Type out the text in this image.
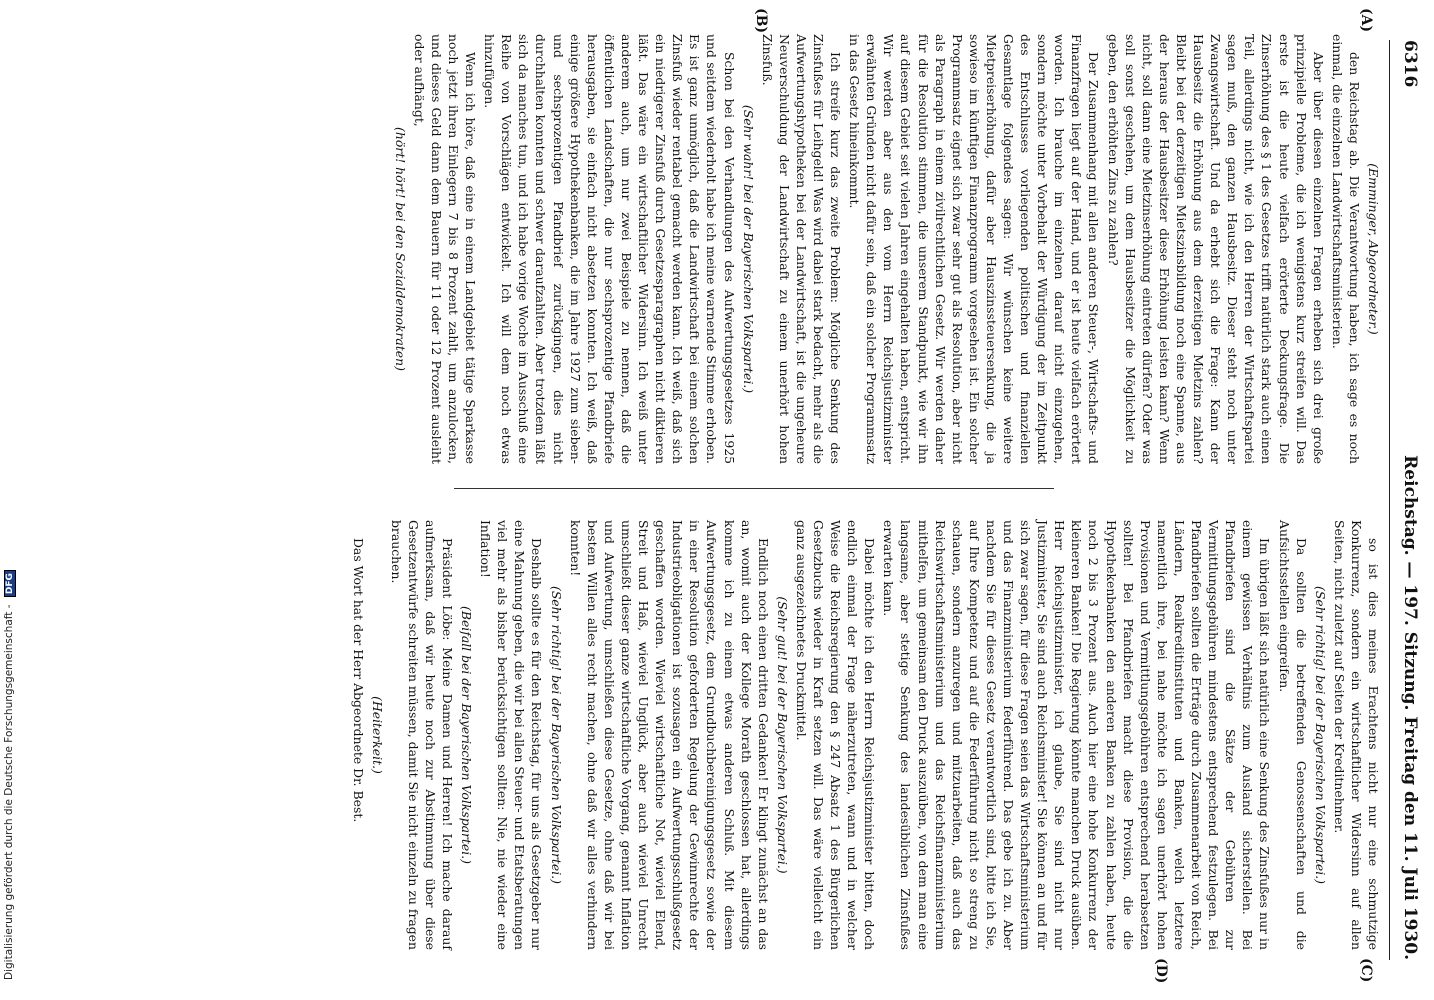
6316
Reichstag. — 197. Sitzung. Freitag den 11. Juli 1930.
(A)
(B)
(C)
(D)

(Emminger, Abgeordneter.)

den Reichstag ab. Die Verantwortung haben, ich sage es noch einmal, die einzelnen Landwirtschaftsministerien.

Aber über diesen einzelnen Fragen erheben sich drei große prinzipielle Probleme, die ich wenigstens kurz streifen will. Das erste ist die heute vielfach erörterte Deckungsfrage. Die Zinserhöhung des § 1 des Gesetzes trifft natürlich stark auch einen Teil, allerdings nicht, wie ich den Herren der Wirtschaftspartei sagen muß, den ganzen Hausbesitz. Dieser steht noch unter Zwangswirtschaft. Und da erhebt sich die Frage: Kann der Hausbesitz die Erhöhung aus dem derzeitigen Mietzins zahlen? Bleibt bei der derzeitigen Mietszinsbildung noch eine Spanne, aus der heraus der Hausbesitzer diese Erhöhung leisten kann? Wenn nicht, soll dann eine Mietzinserhöhung eintreten dürfen? Oder was soll sonst geschehen, um dem Hausbesitzer die Möglichkeit zu geben, den erhöhten Zins zu zahlen?

Der Zusammenhang mit allen anderen Steuer-, Wirtschafts- und Finanzfragen liegt auf der Hand, und er ist heute vielfach erörtert worden. Ich brauche im einzelnen darauf nicht einzugehen, sondern möchte unter Vorbehalt der Würdigung der im Zeitpunkt des Entschlusses vorliegenden politischen und finanziellen Gesamtlage folgendes sagen: Wir wünschen keine weitere Mietpreiserhöhung, dafür aber Hauszinssteuersenkung, die ja sowieso im künftigen Finanzprogramm vorgesehen ist. Ein solcher Programmsatz eignet sich zwar sehr gut als Resolution, aber nicht als Paragraph in einem zivilrechtlichen Gesetz. Wir werden daher für die Resolution stimmen, die unserem Standpunkt, wie wir ihn auf diesem Gebiet seit vielen Jahren eingehalten haben, entspricht. Wir werden aber aus den vom Herrn Reichsjustizminister erwähnten Gründen nicht dafür sein, daß ein solcher Programmsatz in das Gesetz hineinkommt.

Ich streife kurz das zweite Problem: Mögliche Senkung des Zinsfußes für Leihgeld! Was wird dabei stark bedacht, mehr als die Aufwertungshypotheken bei der Landwirtschaft, ist die ungeheure Neuverschuldung der Landwirtschaft zu einem unerhört hohen Zinsfuß.

(Sehr wahr! bei der Bayerischen Volkspartei.)

Schon bei den Verhandlungen des Aufwertungsgesetzes 1925 und seitdem wiederholt habe ich meine warnende Stimme erhoben. Es ist ganz unmöglich, daß die Landwirtschaft bei einem solchen Zinsfuß wieder rentabel gemacht werden kann. Ich weiß, daß sich ein niedrigerer Zinsfuß durch Gesetzesparagraphen nicht diktieren läßt. Das wäre ein wirtschaftlicher Widersinn. Ich weiß unter anderem auch, um nur zwei Beispiele zu nennen, daß die öffentlichen Landschaften, die nur sechsprozentige Pfandbriefe herausgaben, sie einfach nicht absetzen konnten. Ich weiß, daß einige größere Hypothekenbanken, die im Jahre 1927 zum sieben- und sechsprozentigen Pfandbrief zurückgingen, dies nicht durchhalten konnten und schwer daraufzahlten. Aber trotzdem läßt sich da manches tun, und ich habe vorige Woche im Ausschuß eine Reihe von Vorschlägen entwickelt. Ich will dem noch etwas hinzufügen.

Wenn ich höre, daß eine in einem Landgebiet tätige Sparkasse noch jetzt ihren Einlegern 7 bis 8 Prozent zahlt, um anzulocken, und dieses Geld dann dem Bauern für 11 oder 12 Prozent ausleiht oder aufhängt,

(hört! hört! bei den Sozialdemokraten)

so ist dies meines Erachtens nicht nur eine schmutzige Konkurrenz, sondern ein wirtschaftlicher Widersinn auf allen Seiten, nicht zuletzt auf Seiten der Kreditnehmer.

(Sehr richtig! bei der Bayerischen Volkspartei.)

Da sollten die betreffenden Genossenschaften und die Aufsichtsstellen eingreifen.

Im übrigen läßt sich natürlich eine Senkung des Zinsfußes nur in einem gewissen Verhältnis zum Ausland sicherstellen. Bei Pfandbriefen sind die Sätze der Gebühren zur Vermittlungsgebühren mindestens entsprechend festzulegen. Bei Pfandbriefen sollten die Erträge durch Zusammenarbeit von Reich, Ländern, Realkreditinstituten und Banken, welch letztere namentlich ihre, bei nahe möchte ich sagen unerhört hohen Provisionen und Vermittlungsgebühren entsprechend herabsetzen sollten! Bei Pfandbriefen macht diese Provision, die die Hypothekenbanken den anderen Banken zu zahlen haben, heute noch 2 bis 3 Prozent aus. Auch hier eine hohe Konkurrenz der kleineren Banken! Die Regierung könnte manchen Druck ausüben. Herr Reichsjustizminister, ich glaube, Sie sind nicht nur Justizminister, Sie sind auch Reichsminister! Sie können an und für sich zwar sagen, für diese Fragen seien das Wirtschaftsministerium und das Finanzministerium federführend. Das gebe ich zu. Aber nachdem Sie für dieses Gesetz verantwortlich sind, bitte ich Sie, auf Ihre Kompetenz und auf die Federführung nicht so streng zu schauen, sondern anzuregen und mitzuarbeiten, daß auch das Reichswirtschaftsministerium und das Reichsfinanzministerium mithelfen, um gemeinsam den Druck auszuüben, von dem man eine langsame, aber stetige Senkung des landesüblichen Zinsfußes erwarten kann.

Dabei möchte ich den Herrn Reichsjustizminister bitten, doch endlich einmal der Frage näherzutreten, wann und in welcher Weise die Reichsregierung den § 247 Absatz 1 des Bürgerlichen Gesetzbuchs wieder in Kraft setzen will. Das wäre vielleicht ein ganz ausgezeichnetes Druckmittel.

(Sehr gut! bei der Bayerischen Volkspartei.)

Endlich noch einen dritten Gedanken! Er klingt zunächst an das an, womit auch der Kollege Morath geschlossen hat, allerdings komme ich zu einem etwas anderen Schluß. Mit diesem Aufwertungsgesetz, dem Grundbuchbereinigungsgesetz sowie der in einer Resolution geforderten Regelung der Gewinnrechte der Industrieobligationen ist sozusagen ein Aufwertungsschlußgesetz geschaffen worden. Wieviel wirtschaftliche Not, wieviel Elend, Streit und Haß, wieviel Unglück, aber auch wieviel Unrecht umschließt dieser ganze wirtschaftliche Vorgang, genannt Inflation und Aufwertung, umschließen diese Gesetze, ohne daß wir bei bestem Willen alles recht machen, ohne daß wir alles verhindern konnten!

(Sehr richtig! bei der Bayerischen Volkspartei.)

Deshalb sollte es für den Reichstag, für uns als Gesetzgeber nur eine Mahnung geben, die wir bei allen Steuer- und Etatsberatungen viel mehr als bisher berücksichtigen sollten: Nie, nie wieder eine Inflation!

(Beifall bei der Bayerischen Volkspartei.)

Präsident Löbe: Meine Damen und Herren! Ich mache darauf aufmerksam, daß wir heute noch zur Abstimmung über diese Gesetzentwürfe schreiten müssen, damit Sie nicht einzeln zu fragen brauchen.

(Heiterkeit.)

Das Wort hat der Herr Abgeordnete Dr. Best.

Digitalisierung gefördert durch die Deutsche Forschungsgemeinschaft - DFG
